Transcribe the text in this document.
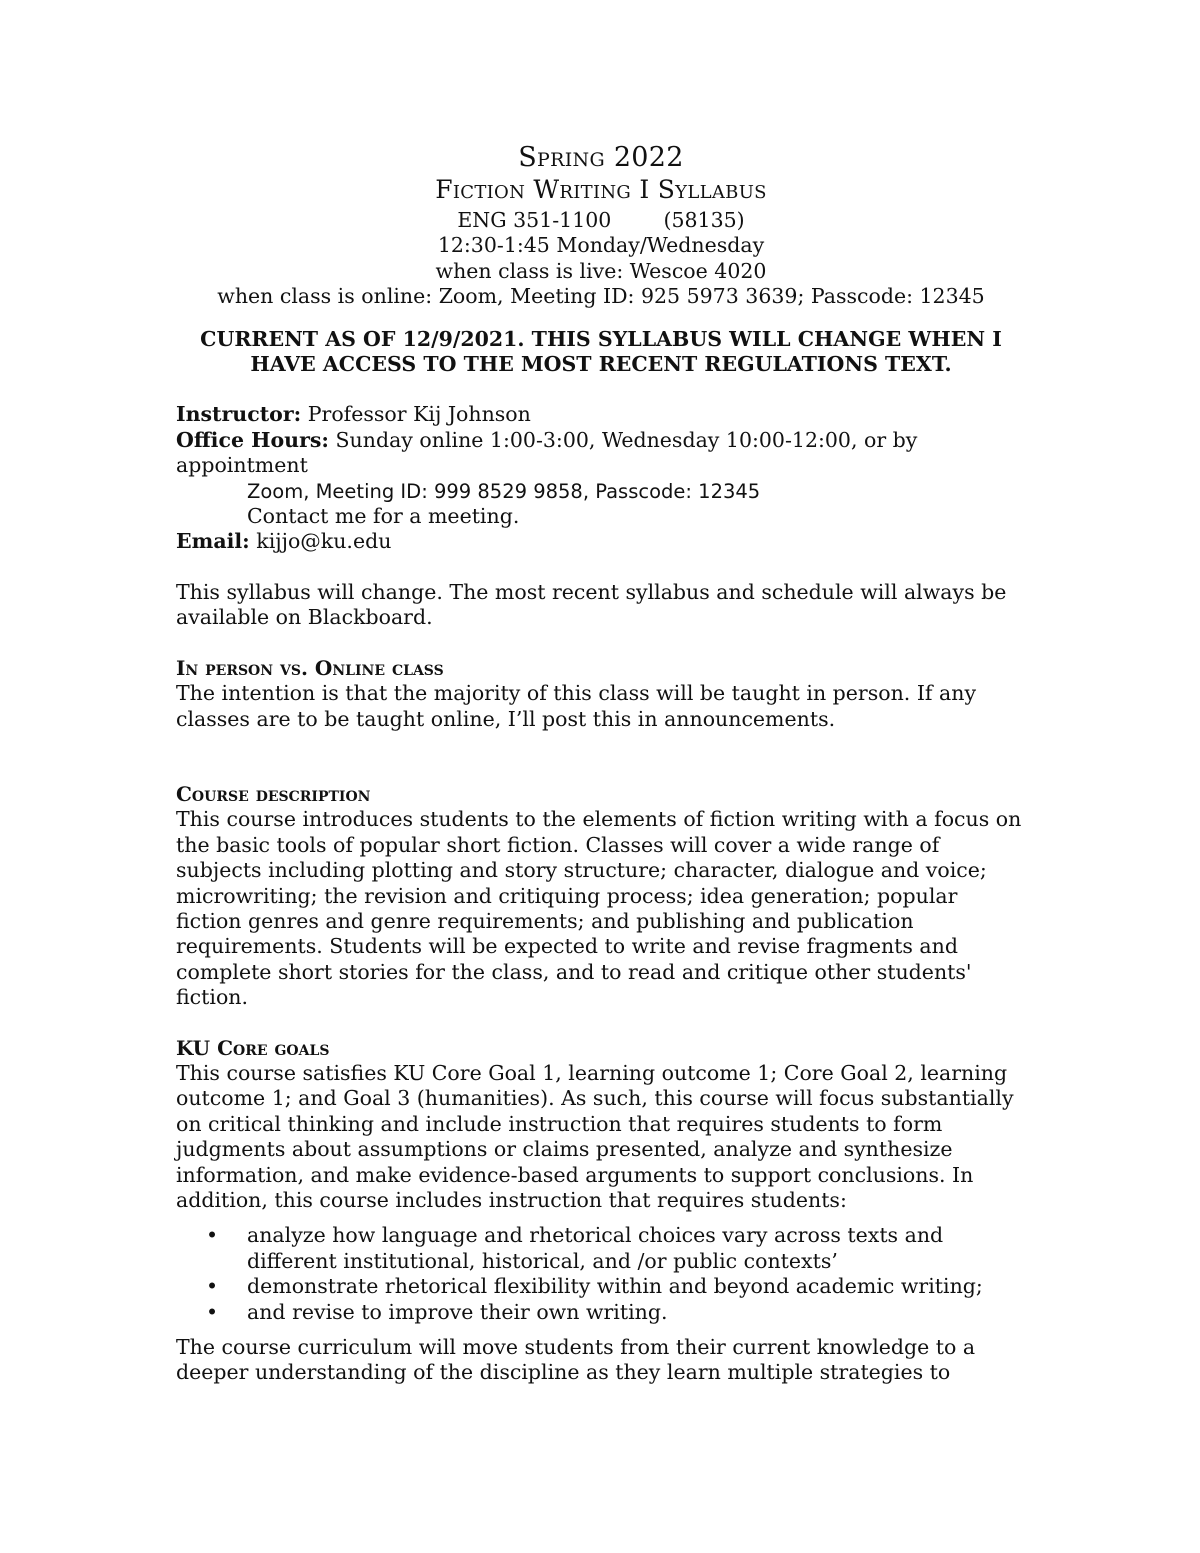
Spring 2022
Fiction Writing I Syllabus
ENG 351-1100        (58135)
12:30-1:45 Monday/Wednesday
when class is live: Wescoe 4020
when class is online: Zoom, Meeting ID: 925 5973 3639; Passcode: 12345
CURRENT AS OF 12/9/2021. THIS SYLLABUS WILL CHANGE WHEN I
HAVE ACCESS TO THE MOST RECENT REGULATIONS TEXT.
Instructor: Professor Kij Johnson
Office Hours: Sunday online 1:00-3:00, Wednesday 10:00-12:00, or by appointment
Zoom, Meeting ID: 999 8529 9858, Passcode: 12345
Contact me for a meeting.
Email: kijjo@ku.edu

This syllabus will change. The most recent syllabus and schedule will always be available on Blackboard.

In person vs. Online class

The intention is that the majority of this class will be taught in person. If any classes are to be taught online, I’ll post this in announcements.

Course description

This course introduces students to the elements of fiction writing with a focus on the basic tools of popular short fiction. Classes will cover a wide range of subjects including plotting and story structure; character, dialogue and voice; microwriting; the revision and critiquing process; idea generation; popular fiction genres and genre requirements; and publishing and publication requirements. Students will be expected to write and revise fragments and complete short stories for the class, and to read and critique other students' fiction.

KU Core goals

This course satisfies KU Core Goal 1, learning outcome 1; Core Goal 2, learning outcome 1; and Goal 3 (humanities). As such, this course will focus substantially on critical thinking and include instruction that requires students to form judgments about assumptions or claims presented, analyze and synthesize information, and make evidence-based arguments to support conclusions. In addition, this course includes instruction that requires students:

• analyze how language and rhetorical choices vary across texts and different institutional, historical, and /or public contexts’
• demonstrate rhetorical flexibility within and beyond academic writing;
• and revise to improve their own writing.

The course curriculum will move students from their current knowledge to a deeper understanding of the discipline as they learn multiple strategies to
